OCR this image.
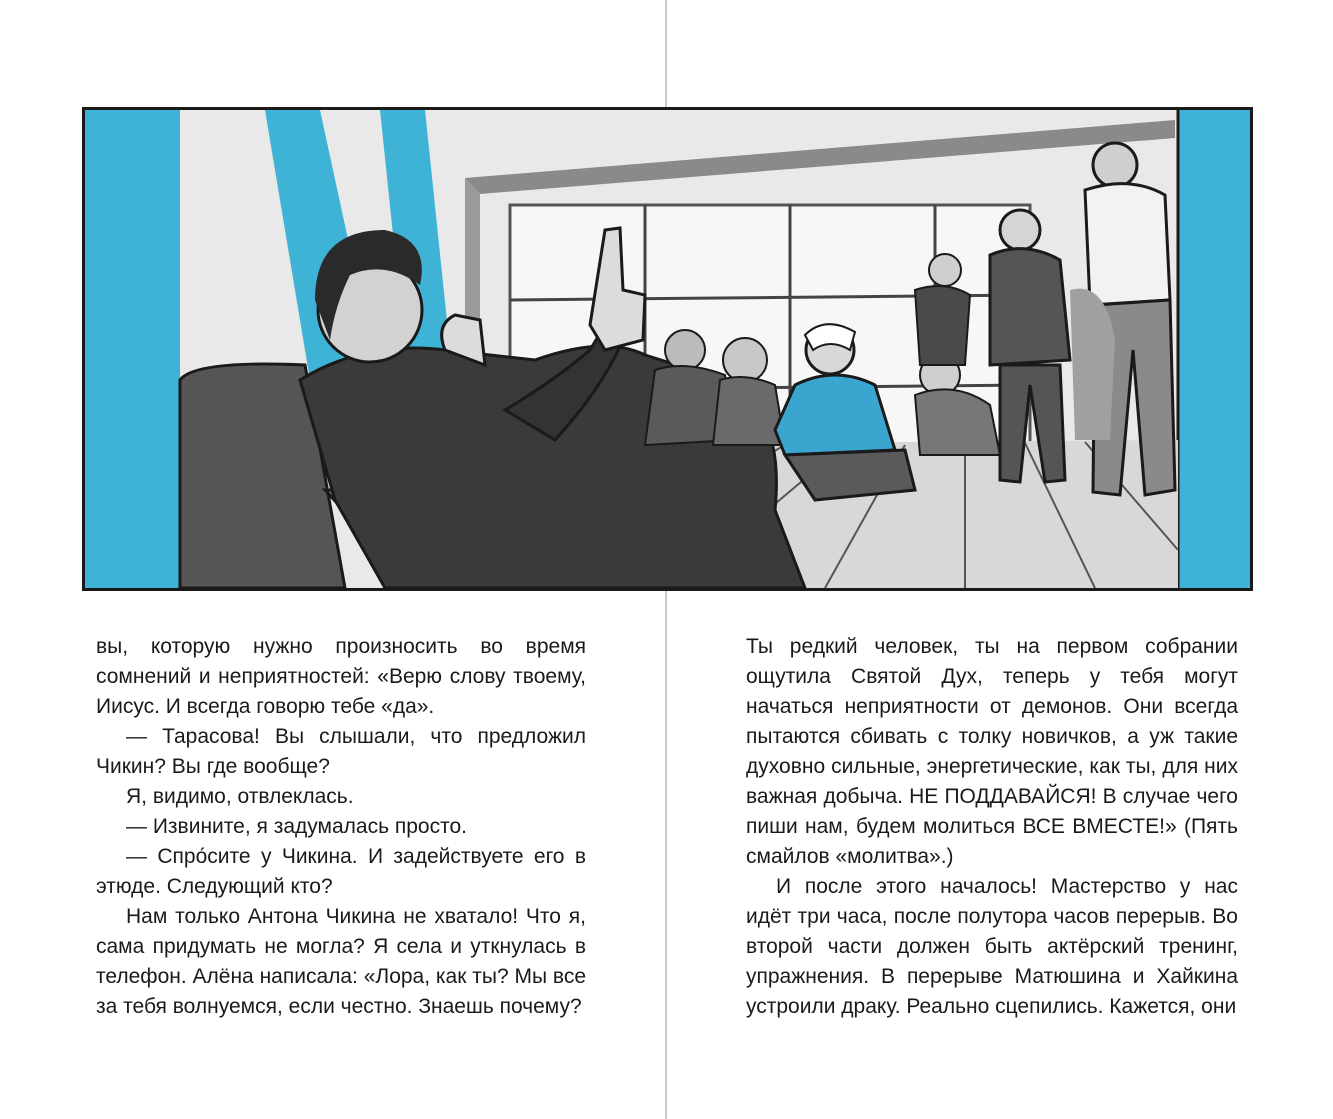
вы, которую нужно произносить во время сомнений и неприятностей: «Верю слову твоему, Иисус. И всегда говорю тебе «да».

— Тарасова! Вы слышали, что предложил Чикин? Вы где вообще?

Я, видимо, отвлеклась.

— Извините, я задумалась просто.

— Спро́сите у Чикина. И задействуете его в этюде. Следующий кто?

Нам только Антона Чикина не хватало! Что я, сама придумать не могла? Я села и уткнулась в телефон. Алёна написала: «Лора, как ты? Мы все за тебя волнуемся, если честно. Знаешь почему?

Ты редкий человек, ты на первом собрании ощутила Святой Дух, теперь у тебя могут начаться неприятности от демонов. Они всегда пытаются сбивать с толку новичков, а уж такие духовно сильные, энергетические, как ты, для них важная добыча. НЕ ПОДДАВАЙСЯ! В случае чего пиши нам, будем молиться ВСЕ ВМЕСТЕ!» (Пять смайлов «молитва».)

И после этого началось! Мастерство у нас идёт три часа, после полутора часов перерыв. Во второй части должен быть актёрский тренинг, упражнения. В перерыве Матюшина и Хайкина устроили драку. Реально сцепились. Кажется, они
